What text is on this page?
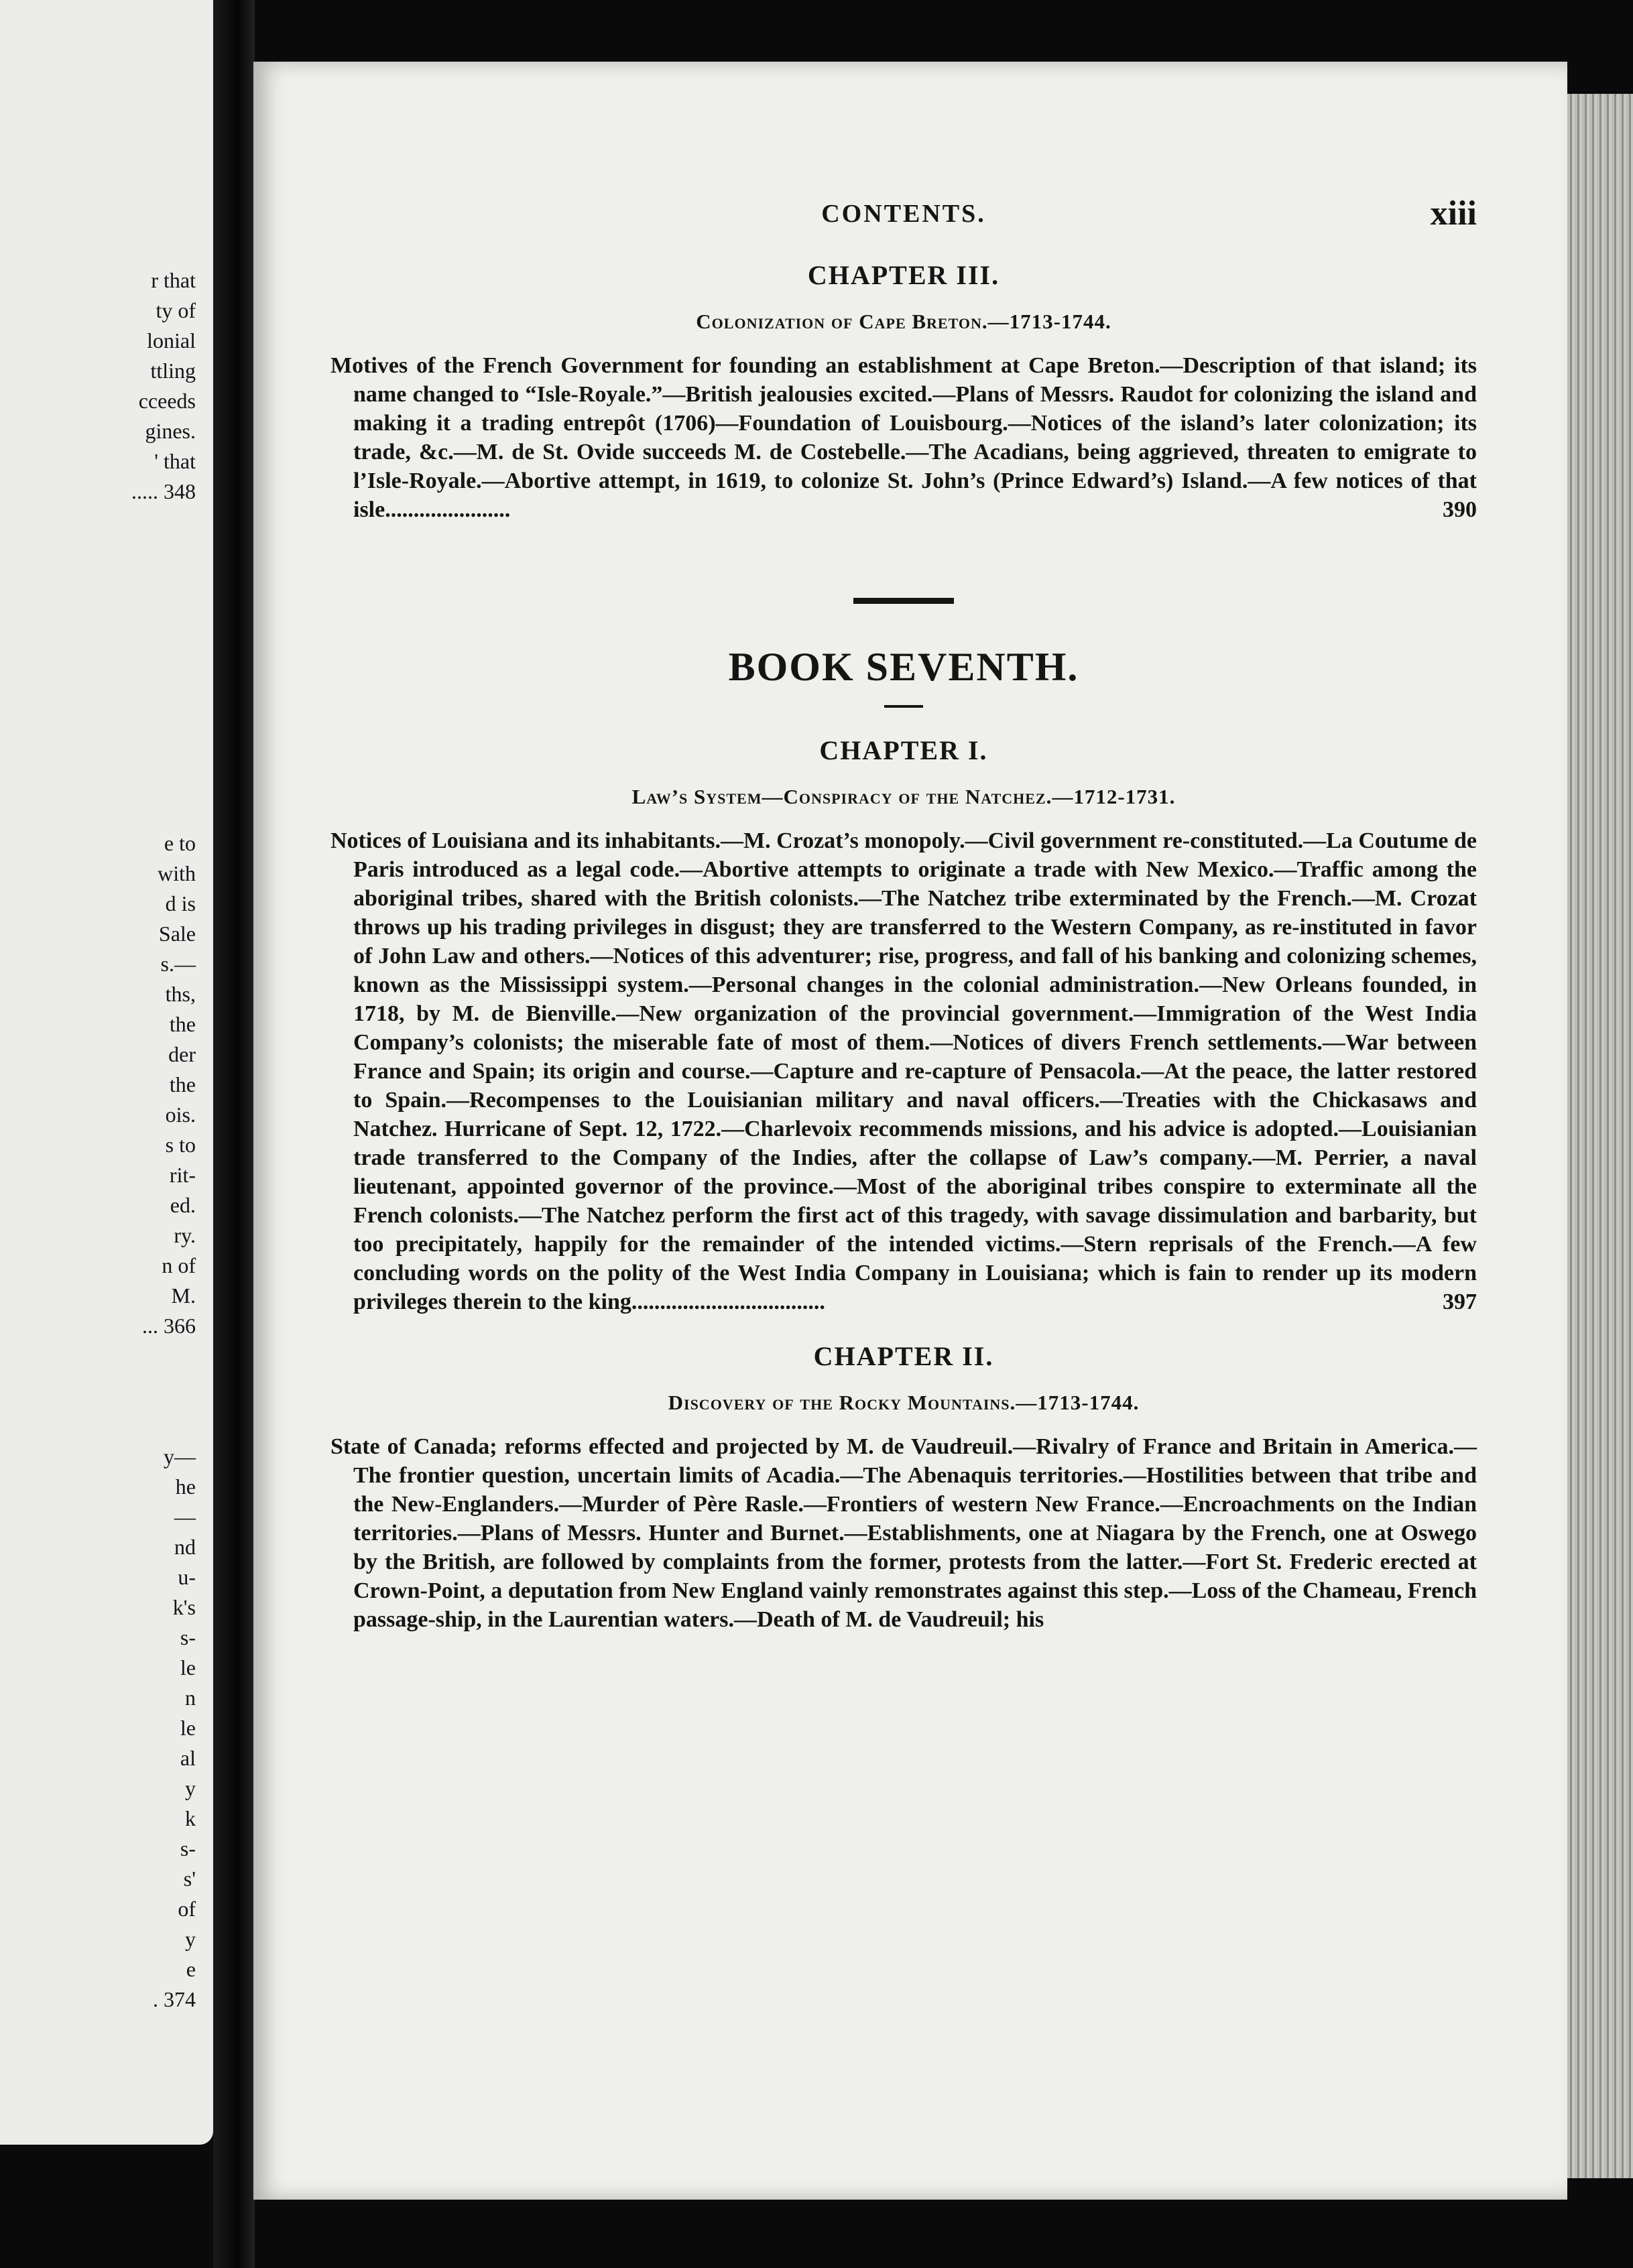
r that
ty of
lonial
ttling
cceeds
gines.
' that
..... 348
e to
with
d is
Sale
s.—
ths,
the
der
the
ois.
s to
rit-
ed.
ry.
n of
M.
... 366
y—
he
—
nd
u-
k's
s-
le
n
le
al
y
k
s-
s'
of
y
e
. 374
CONTENTS.	xiii
CHAPTER III.
Colonization of Cape Breton.—1713-1744.

Motives of the French Government for founding an establishment at Cape Breton.—Description of that island; its name changed to “Isle-Royale.”—British jealousies excited.—Plans of Messrs. Raudot for colonizing the island and making it a trading entrepôt (1706)—Foundation of Louisbourg.—Notices of the island’s later colonization; its trade, &c.—M. de St. Ovide succeeds M. de Costebelle.—The Acadians, being aggrieved, threaten to emigrate to l’Isle-Royale.—Abortive attempt, in 1619, to colonize St. John’s (Prince Edward’s) Island.—A few notices of that isle......................	390

BOOK SEVENTH.
CHAPTER I.
Law’s System—Conspiracy of the Natchez.—1712-1731.

Notices of Louisiana and its inhabitants.—M. Crozat’s monopoly.—Civil government re-constituted.—La Coutume de Paris introduced as a legal code.—Abortive attempts to originate a trade with New Mexico.—Traffic among the aboriginal tribes, shared with the British colonists.—The Natchez tribe exterminated by the French.—M. Crozat throws up his trading privileges in disgust; they are transferred to the Western Company, as re-instituted in favor of John Law and others.—Notices of this adventurer; rise, progress, and fall of his banking and colonizing schemes, known as the Mississippi system.—Personal changes in the colonial administration.—New Orleans founded, in 1718, by M. de Bienville.—New organization of the provincial government.—Immigration of the West India Company’s colonists; the miserable fate of most of them.—Notices of divers French settlements.—War between France and Spain; its origin and course.—Capture and re-capture of Pensacola.—At the peace, the latter restored to Spain.—Recompenses to the Louisianian military and naval officers.—Treaties with the Chickasaws and Natchez. Hurricane of Sept. 12, 1722.—Charlevoix recommends missions, and his advice is adopted.—Louisianian trade transferred to the Company of the Indies, after the collapse of Law’s company.—M. Perrier, a naval lieutenant, appointed governor of the province.—Most of the aboriginal tribes conspire to exterminate all the French colonists.—The Natchez perform the first act of this tragedy, with savage dissimulation and barbarity, but too precipitately, happily for the remainder of the intended victims.—Stern reprisals of the French.—A few concluding words on the polity of the West India Company in Louisiana; which is fain to render up its modern privileges therein to the king..................................	397

CHAPTER II.
Discovery of the Rocky Mountains.—1713-1744.

State of Canada; reforms effected and projected by M. de Vaudreuil.—Rivalry of France and Britain in America.—The frontier question, uncertain limits of Acadia.—The Abenaquis territories.—Hostilities between that tribe and the New-Englanders.—Murder of Père Rasle.—Frontiers of western New France.—Encroachments on the Indian territories.—Plans of Messrs. Hunter and Burnet.—Establishments, one at Niagara by the French, one at Oswego by the British, are followed by complaints from the former, protests from the latter.—Fort St. Frederic erected at Crown-Point, a deputation from New England vainly remonstrates against this step.—Loss of the Chameau, French passage-ship, in the Laurentian waters.—Death of M. de Vaudreuil; his
